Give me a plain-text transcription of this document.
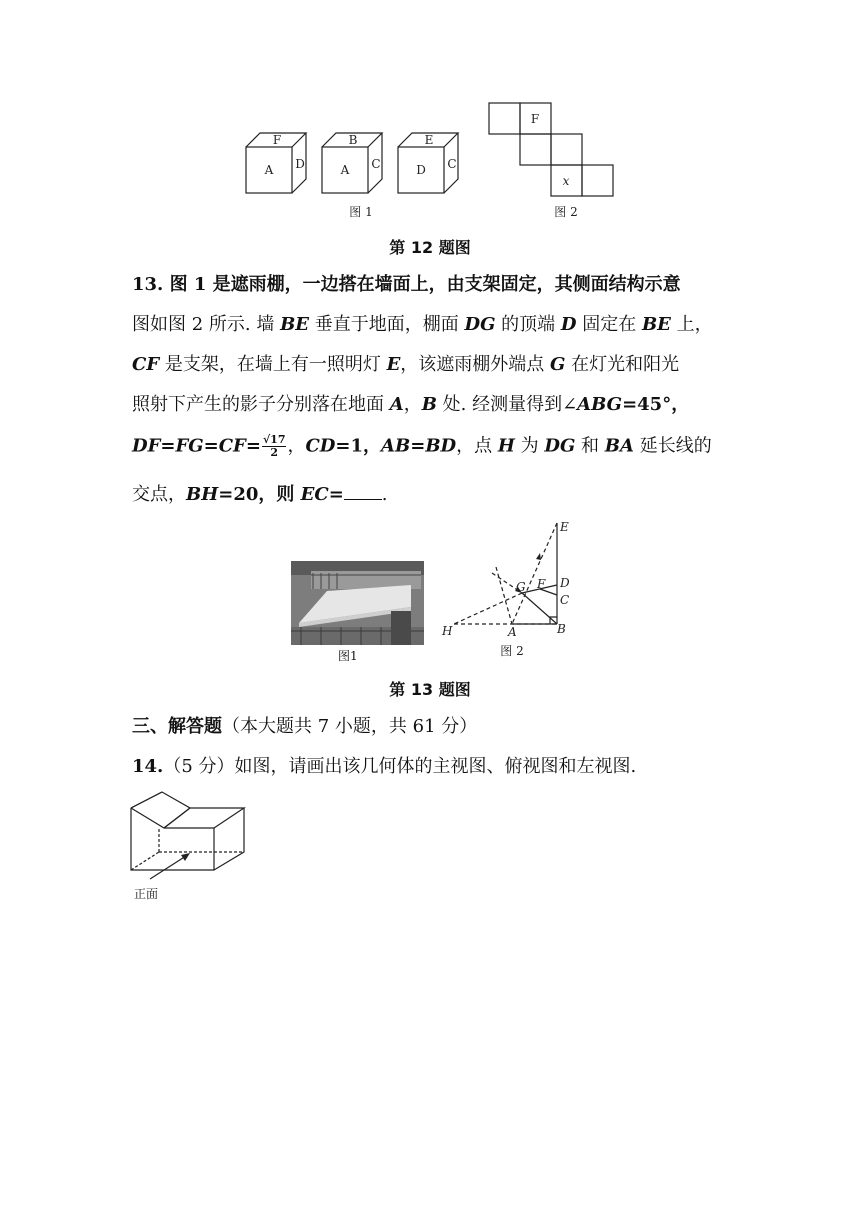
F
A D
B
A C
E
D C
图 1
F
x
图 2
第 12 题图
13. 图 1 是遮雨棚，一边搭在墙面上，由支架固定，其侧面结构示意
图如图 2 所示. 墙 BE 垂直于地面，棚面 DG 的顶端 D 固定在 BE 上，
CF 是支架，在墙上有一照明灯 E，该遮雨棚外端点 G 在灯光和阳光
照射下产生的影子分别落在地面 A，B 处. 经测量得到∠ABG=45°，
$DF=FG=CF= \frac{√17}{2}$ ，CD=1，AB=BD，点 H 为 DG 和 BA 延长线的
交点，BH=20，则 EC= .
图1
E
D
C
F
G
H	A	B
图 2
第 13 题图
三、解答题（本大题共 7 小题，共 61 分）
14.（5 分）如图，请画出该几何体的主视图、俯视图和左视图.
正面
